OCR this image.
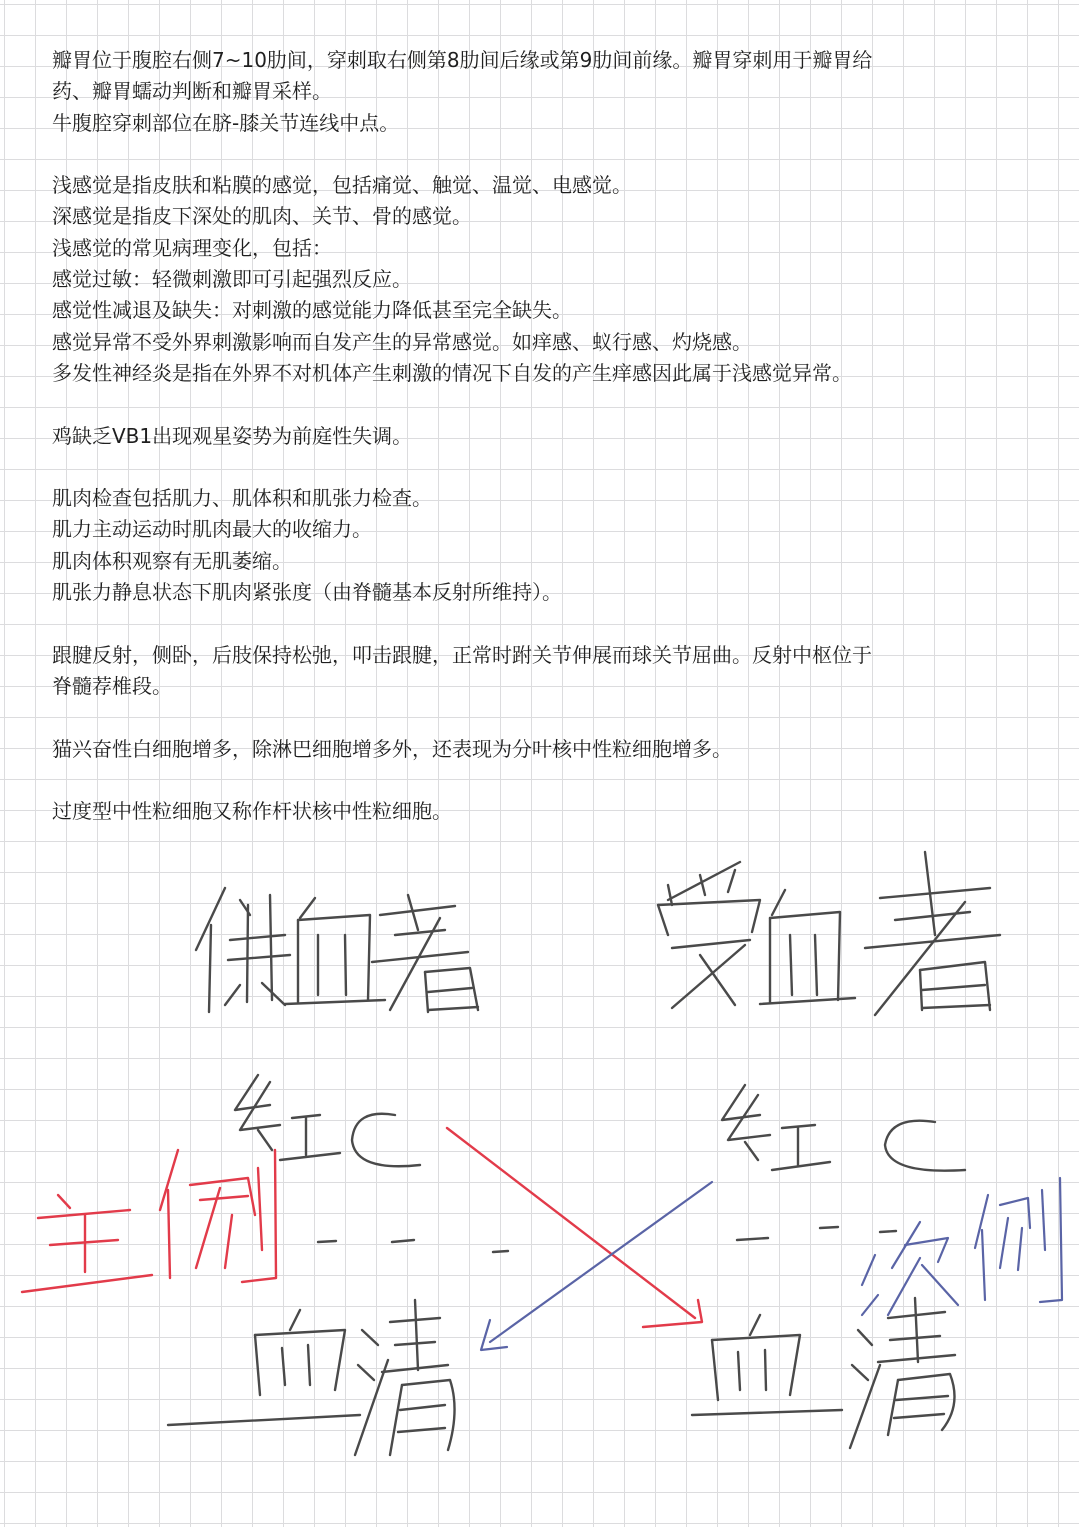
瓣胃位于腹腔右侧7~10肋间，穿刺取右侧第8肋间后缘或第9肋间前缘。瓣胃穿刺用于瓣胃给
药、瓣胃蠕动判断和瓣胃采样。
牛腹腔穿刺部位在脐-膝关节连线中点。
浅感觉是指皮肤和粘膜的感觉，包括痛觉、触觉、温觉、电感觉。
深感觉是指皮下深处的肌肉、关节、骨的感觉。
浅感觉的常见病理变化，包括：
感觉过敏：轻微刺激即可引起强烈反应。
感觉性减退及缺失：对刺激的感觉能力降低甚至完全缺失。
感觉异常不受外界刺激影响而自发产生的异常感觉。如痒感、蚁行感、灼烧感。
多发性神经炎是指在外界不对机体产生刺激的情况下自发的产生痒感因此属于浅感觉异常。
鸡缺乏VB1出现观星姿势为前庭性失调。
肌肉检查包括肌力、肌体积和肌张力检查。
肌力主动运动时肌肉最大的收缩力。
肌肉体积观察有无肌萎缩。
肌张力静息状态下肌肉紧张度（由脊髓基本反射所维持）。
跟腱反射，侧卧，后肢保持松弛，叩击跟腱，正常时跗关节伸展而球关节屈曲。反射中枢位于
脊髓荐椎段。
猫兴奋性白细胞增多，除淋巴细胞增多外，还表现为分叶核中性粒细胞增多。
过度型中性粒细胞又称作杆状核中性粒细胞。
